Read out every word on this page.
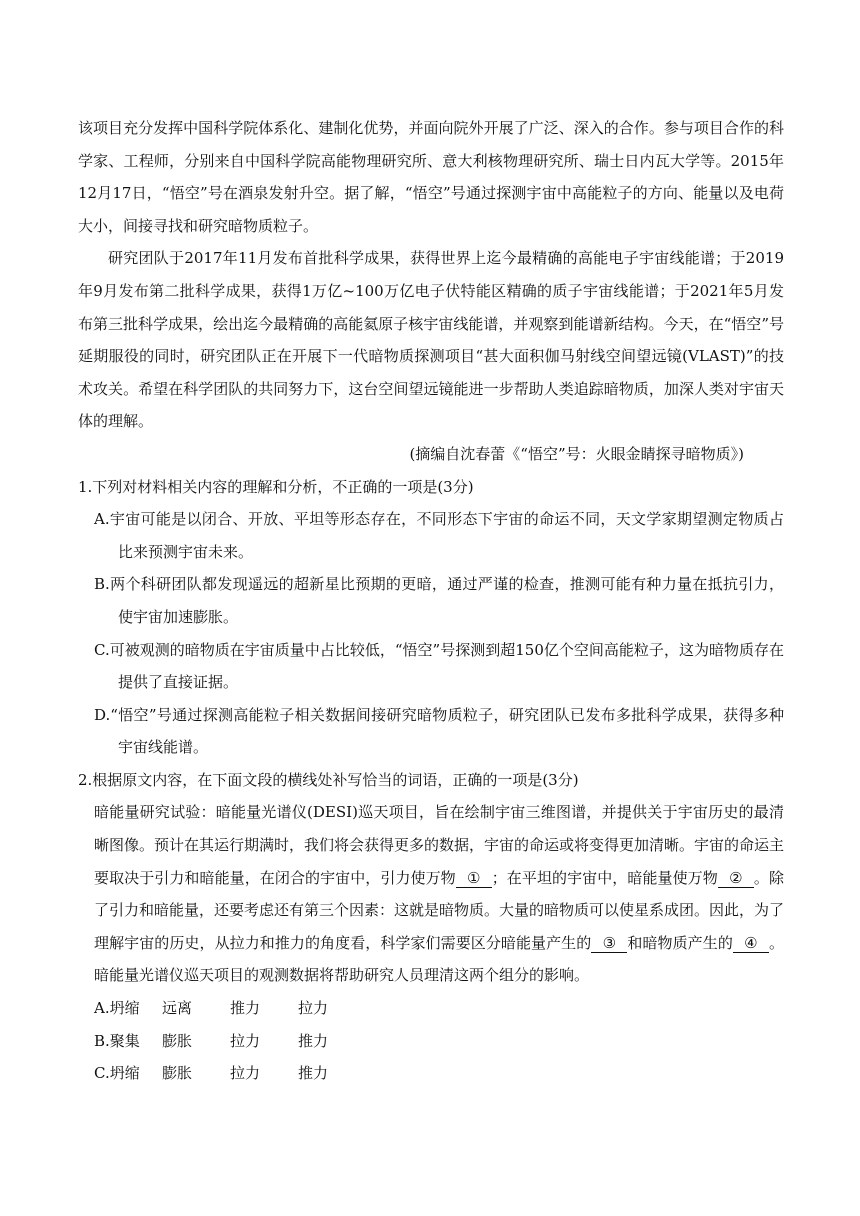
该项目充分发挥中国科学院体系化、建制化优势，并面向院外开展了广泛、深入的合作。参与项目合作的科学家、工程师，分别来自中国科学院高能物理研究所、意大利核物理研究所、瑞士日内瓦大学等。2015年12月17日，“悟空”号在酒泉发射升空。据了解，“悟空”号通过探测宇宙中高能粒子的方向、能量以及电荷大小，间接寻找和研究暗物质粒子。

研究团队于2017年11月发布首批科学成果，获得世界上迄今最精确的高能电子宇宙线能谱；于2019年9月发布第二批科学成果，获得1万亿~100万亿电子伏特能区精确的质子宇宙线能谱；于2021年5月发布第三批科学成果，绘出迄今最精确的高能氦原子核宇宙线能谱，并观察到能谱新结构。今天，在“悟空”号延期服役的同时，研究团队正在开展下一代暗物质探测项目“甚大面积伽马射线空间望远镜(VLAST)”的技术攻关。希望在科学团队的共同努力下，这台空间望远镜能进一步帮助人类追踪暗物质，加深人类对宇宙天体的理解。

(摘编自沈春蕾《“悟空”号：火眼金睛探寻暗物质》)

1.下列对材料相关内容的理解和分析，不正确的一项是(3分)

A.宇宙可能是以闭合、开放、平坦等形态存在，不同形态下宇宙的命运不同，天文学家期望测定物质占比来预测宇宙未来。

B.两个科研团队都发现遥远的超新星比预期的更暗，通过严谨的检查，推测可能有种力量在抵抗引力，使宇宙加速膨胀。

C.可被观测的暗物质在宇宙质量中占比较低，“悟空”号探测到超150亿个空间高能粒子，这为暗物质存在提供了直接证据。

D.“悟空”号通过探测高能粒子相关数据间接研究暗物质粒子，研究团队已发布多批科学成果，获得多种宇宙线能谱。

2.根据原文内容，在下面文段的横线处补写恰当的词语，正确的一项是(3分)

暗能量研究试验：暗能量光谱仪(DESI)巡天项目，旨在绘制宇宙三维图谱，并提供关于宇宙历史的最清晰图像。预计在其运行期满时，我们将会获得更多的数据，宇宙的命运或将变得更加清晰。宇宙的命运主要取决于引力和暗能量，在闭合的宇宙中，引力使万物 ① ；在平坦的宇宙中，暗能量使万物 ② 。除了引力和暗能量，还要考虑还有第三个因素：这就是暗物质。大量的暗物质可以使星系成团。因此，为了理解宇宙的历史，从拉力和推力的角度看，科学家们需要区分暗能量产生的 ③ 和暗物质产生的 ④ 。暗能量光谱仪巡天项目的观测数据将帮助研究人员理清这两个组分的影响。

A.坍缩 远离	推力	拉力

B.聚集 膨胀	拉力	推力

C.坍缩 膨胀	拉力	推力
